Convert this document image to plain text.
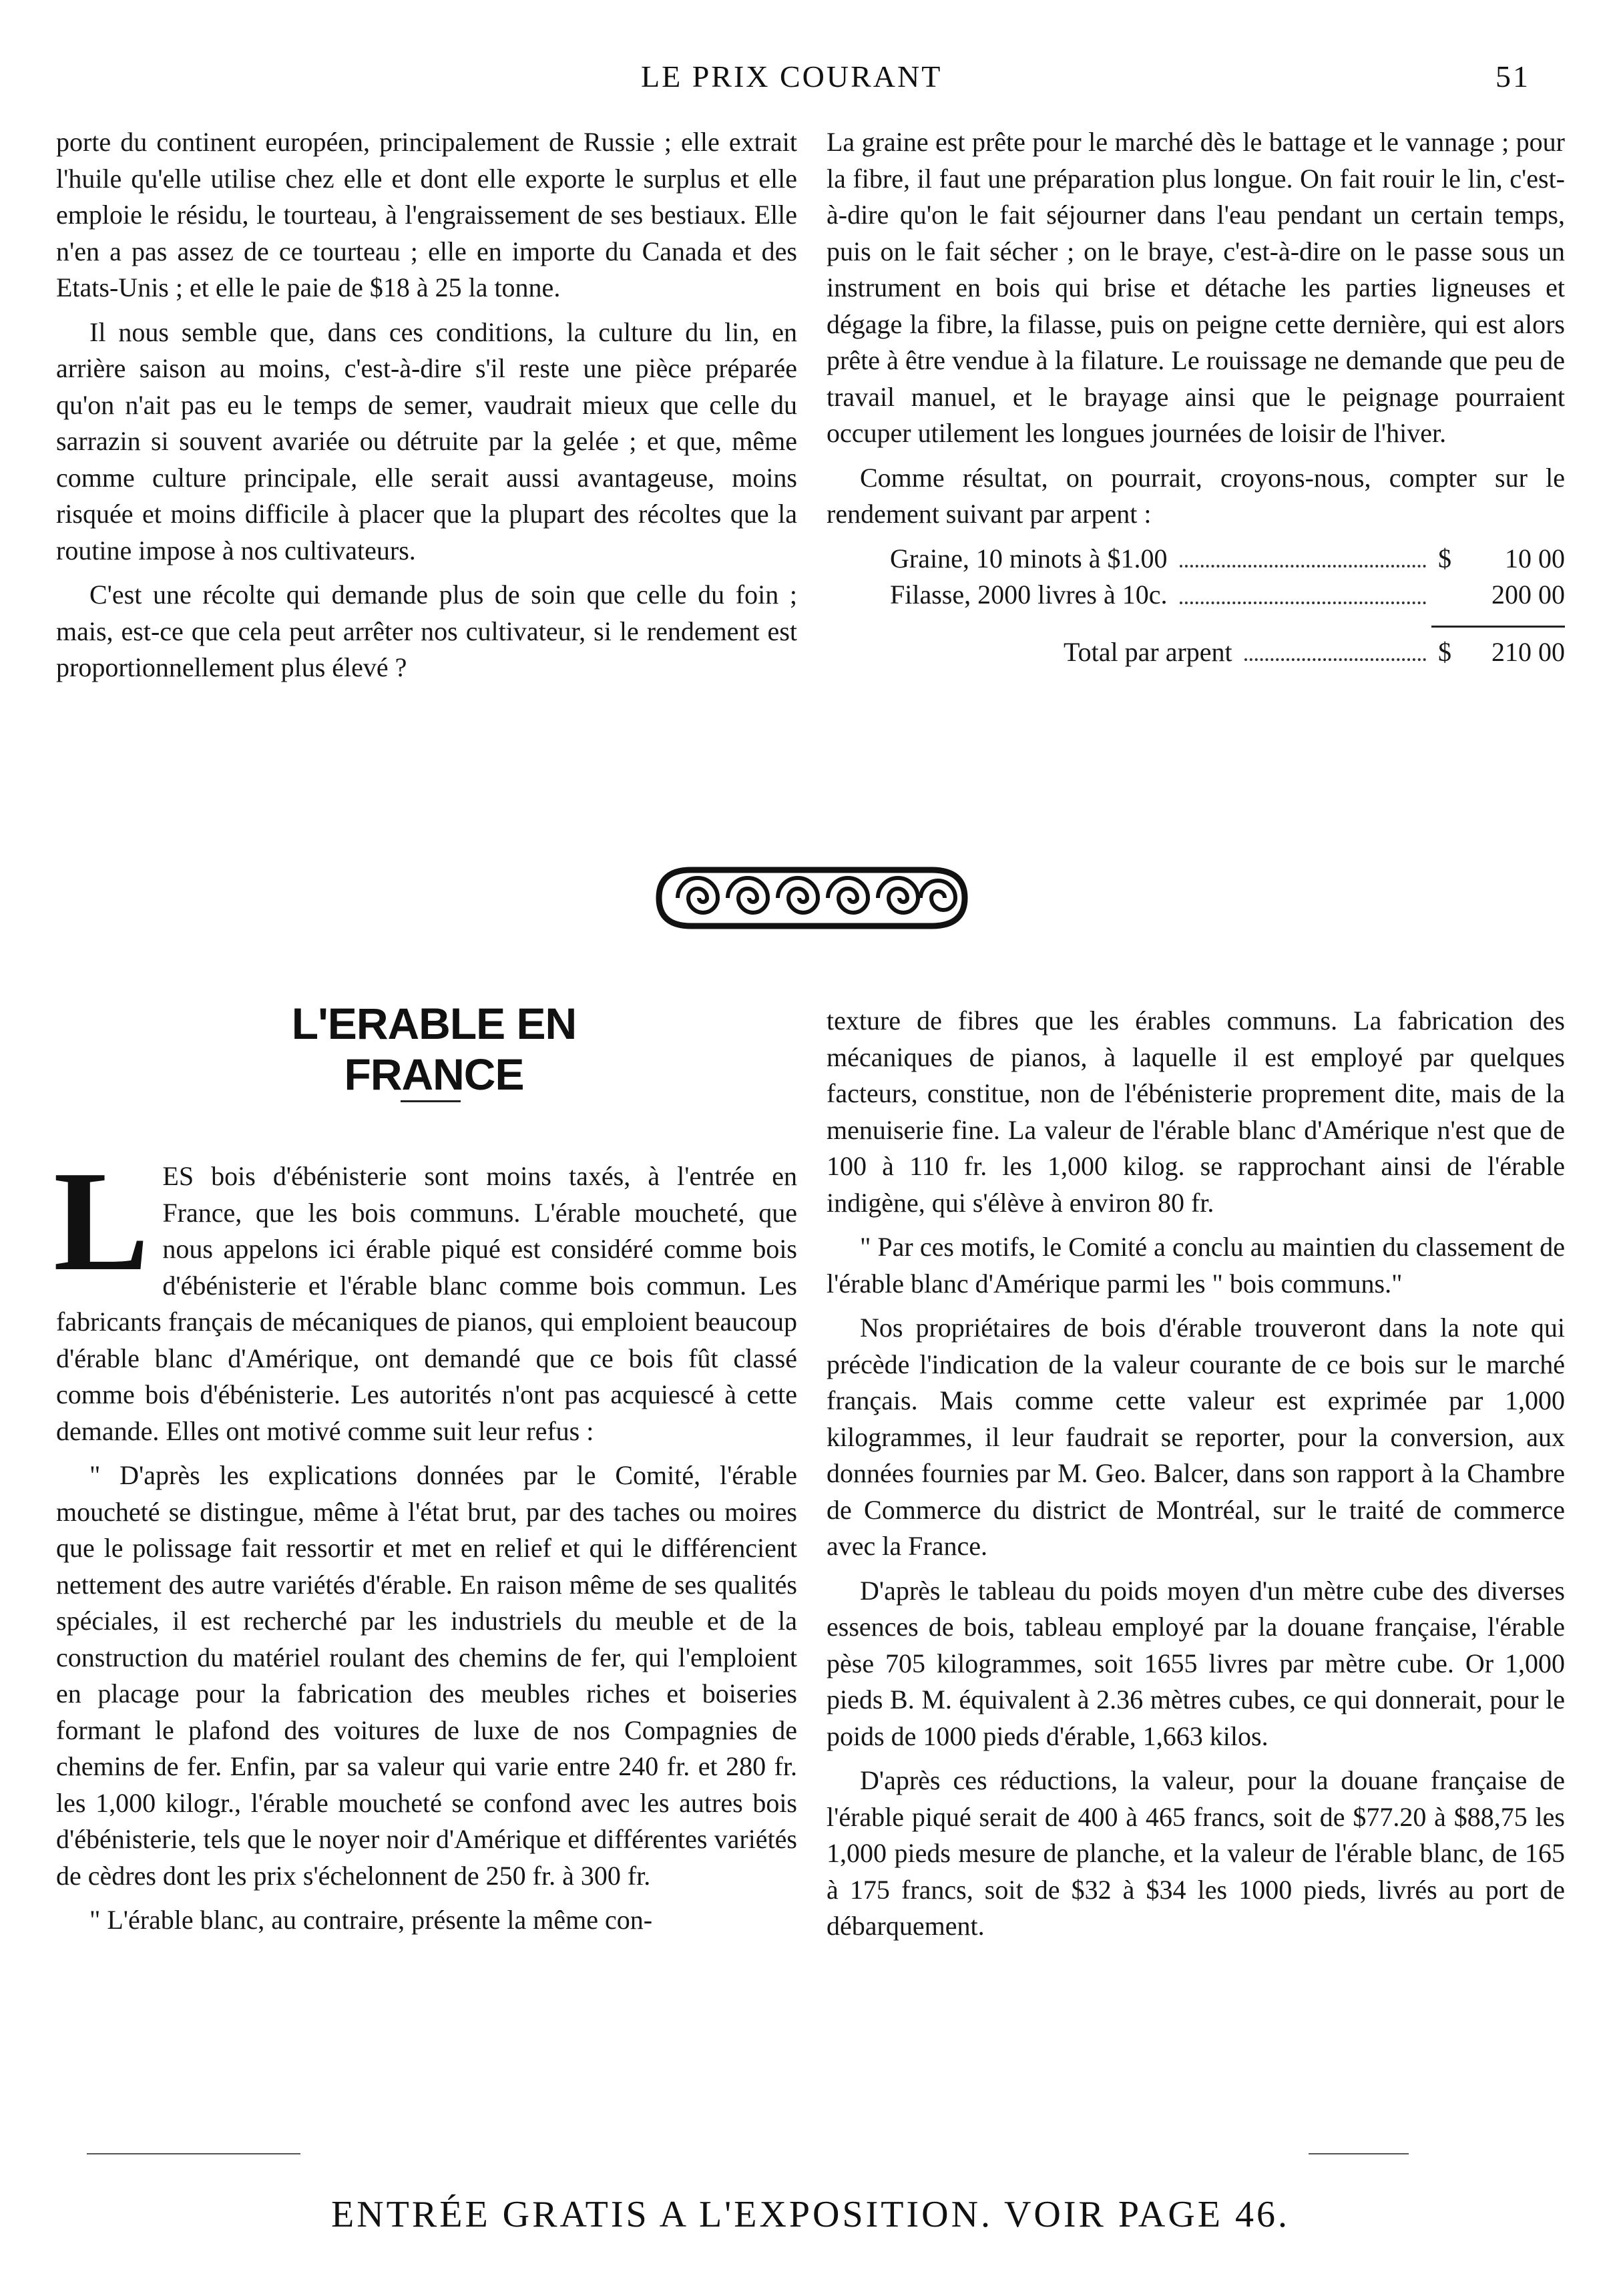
LE PRIX COURANT	51

porte du continent européen, principalement de Russie ; elle extrait l'huile qu'elle utilise chez elle et dont elle exporte le surplus et elle emploie le résidu, le tourteau, à l'engraissement de ses bestiaux. Elle n'en a pas assez de ce tourteau ; elle en importe du Canada et des Etats-Unis ; et elle le paie de $18 à 25 la tonne.

Il nous semble que, dans ces conditions, la culture du lin, en arrière saison au moins, c'est-à-dire s'il reste une pièce préparée qu'on n'ait pas eu le temps de semer, vaudrait mieux que celle du sarrazin si souvent avariée ou détruite par la gelée ; et que, même comme culture principale, elle serait aussi avantageuse, moins risquée et moins difficile à placer que la plupart des récoltes que la routine impose à nos cultivateurs.

C'est une récolte qui demande plus de soin que celle du foin ; mais, est-ce que cela peut arrêter nos cultivateur, si le rendement est proportionnellement plus élevé ?

La graine est prête pour le marché dès le battage et le vannage ; pour la fibre, il faut une préparation plus longue. On fait rouir le lin, c'est-à-dire qu'on le fait séjourner dans l'eau pendant un certain temps, puis on le fait sécher ; on le braye, c'est-à-dire on le passe sous un instrument en bois qui brise et détache les parties ligneuses et dégage la fibre, la filasse, puis on peigne cette dernière, qui est alors prête à être vendue à la filature. Le rouissage ne demande que peu de travail manuel, et le brayage ainsi que le peignage pourraient occuper utilement les longues journées de loisir de l'hiver.

Comme résultat, on pourrait, croyons-nous, compter sur le rendement suivant par arpent :

Graine, 10 minots à $1.00	$ 10 00
Filasse, 2000 livres à 10c.	200 00
Total par arpent	$ 210 00
L'ERABLE EN FRANCE

LES bois d'ébénisterie sont moins taxés, à l'entrée en France, que les bois communs. L'érable moucheté, que nous appelons ici érable piqué est considéré comme bois d'ébénisterie et l'érable blanc comme bois commun. Les fabricants français de mécaniques de pianos, qui emploient beaucoup d'érable blanc d'Amérique, ont demandé que ce bois fût classé comme bois d'ébénisterie. Les autorités n'ont pas acquiescé à cette demande. Elles ont motivé comme suit leur refus :

" D'après les explications données par le Comité, l'érable moucheté se distingue, même à l'état brut, par des taches ou moires que le polissage fait ressortir et met en relief et qui le différencient nettement des autre variétés d'érable. En raison même de ses qualités spéciales, il est recherché par les industriels du meuble et de la construction du matériel roulant des chemins de fer, qui l'emploient en placage pour la fabrication des meubles riches et boiseries formant le plafond des voitures de luxe de nos Compagnies de chemins de fer. Enfin, par sa valeur qui varie entre 240 fr. et 280 fr. les 1,000 kilogr., l'érable moucheté se confond avec les autres bois d'ébénisterie, tels que le noyer noir d'Amérique et différentes variétés de cèdres dont les prix s'échelonnent de 250 fr. à 300 fr.

" L'érable blanc, au contraire, présente la même con-

texture de fibres que les érables communs. La fabrication des mécaniques de pianos, à laquelle il est employé par quelques facteurs, constitue, non de l'ébénisterie proprement dite, mais de la menuiserie fine. La valeur de l'érable blanc d'Amérique n'est que de 100 à 110 fr. les 1,000 kilog. se rapprochant ainsi de l'érable indigène, qui s'élève à environ 80 fr.

" Par ces motifs, le Comité a conclu au maintien du classement de l'érable blanc d'Amérique parmi les " bois communs."

Nos propriétaires de bois d'érable trouveront dans la note qui précède l'indication de la valeur courante de ce bois sur le marché français. Mais comme cette valeur est exprimée par 1,000 kilogrammes, il leur faudrait se reporter, pour la conversion, aux données fournies par M. Geo. Balcer, dans son rapport à la Chambre de Commerce du district de Montréal, sur le traité de commerce avec la France.

D'après le tableau du poids moyen d'un mètre cube des diverses essences de bois, tableau employé par la douane française, l'érable pèse 705 kilogrammes, soit 1655 livres par mètre cube. Or 1,000 pieds B. M. équivalent à 2.36 mètres cubes, ce qui donnerait, pour le poids de 1000 pieds d'érable, 1,663 kilos.

D'après ces réductions, la valeur, pour la douane française de l'érable piqué serait de 400 à 465 francs, soit de $77.20 à $88,75 les 1,000 pieds mesure de planche, et la valeur de l'érable blanc, de 165 à 175 francs, soit de $32 à $34 les 1000 pieds, livrés au port de débarquement.

ENTRÉE GRATIS A L'EXPOSITION. VOIR PAGE 46.
